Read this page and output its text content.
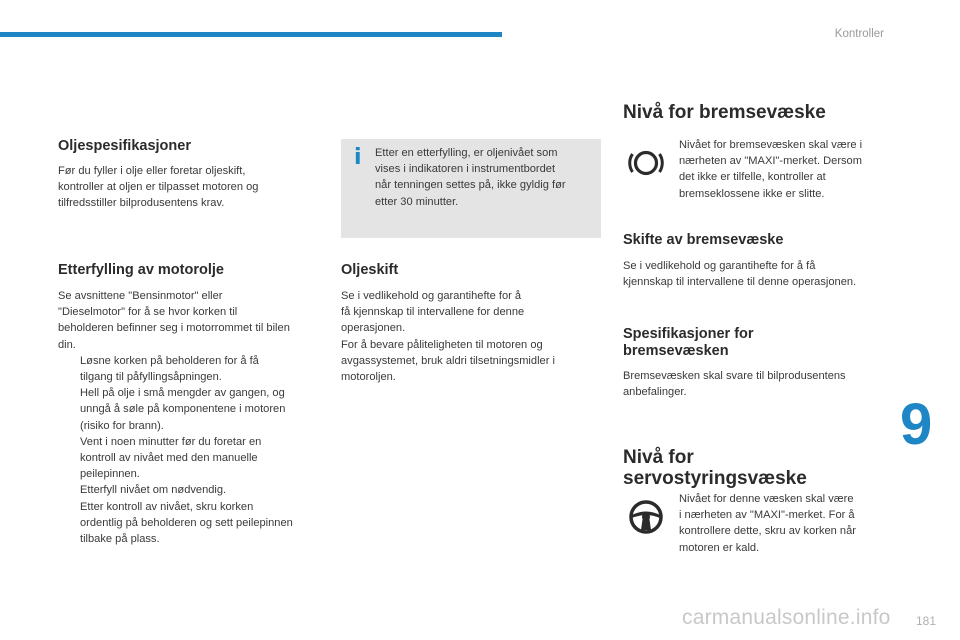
Kontroller
Oljespesifikasjoner

Før du fyller i olje eller foretar oljeskift,

kontroller at oljen er tilpasset motoren og

tilfredsstiller bilprodusentens krav.

Etterfylling av motorolje

Se avsnittene "Bensinmotor" eller

"Dieselmotor" for å se hvor korken til

beholderen befinner seg i motorrommet til bilen

din.

Løsne korken på beholderen for å få
tilgang til påfyllingsåpningen.
Hell på olje i små mengder av gangen, og
unngå å søle på komponentene i motoren
(risiko for brann).
Vent i noen minutter før du foretar en
kontroll av nivået med den manuelle
peilepinnen.
Etterfyll nivået om nødvendig.
Etter kontroll av nivået, skru korken
ordentlig på beholderen og sett peilepinnen
tilbake på plass.
i Etter en etterfylling, er oljenivået som

vises i indikatoren i instrumentbordet

når tenningen settes på, ikke gyldig før

etter 30 minutter.

Oljeskift

Se i vedlikehold og garantihefte for å

få kjennskap til intervallene for denne

operasjonen.

For å bevare påliteligheten til motoren og

avgassystemet, bruk aldri tilsetningsmidler i

motoroljen.

Nivå for bremsevæske

Nivået for bremsevæsken skal være i

nærheten av "MAXI"-merket. Dersom

det ikke er tilfelle, kontroller at

bremseklossene ikke er slitte.

Skifte av bremsevæske

Se i vedlikehold og garantihefte for å få

kjennskap til intervallene til denne operasjonen.

Spesifikasjoner for
bremsevæsken

Bremsevæsken skal svare til bilprodusentens

anbefalinger.

Nivå for
servostyringsvæske

Nivået for denne væsken skal være

i nærheten av "MAXI"-merket. For å

kontrollere dette, skru av korken når

motoren er kald.

9
carmanualsonline.info 181
